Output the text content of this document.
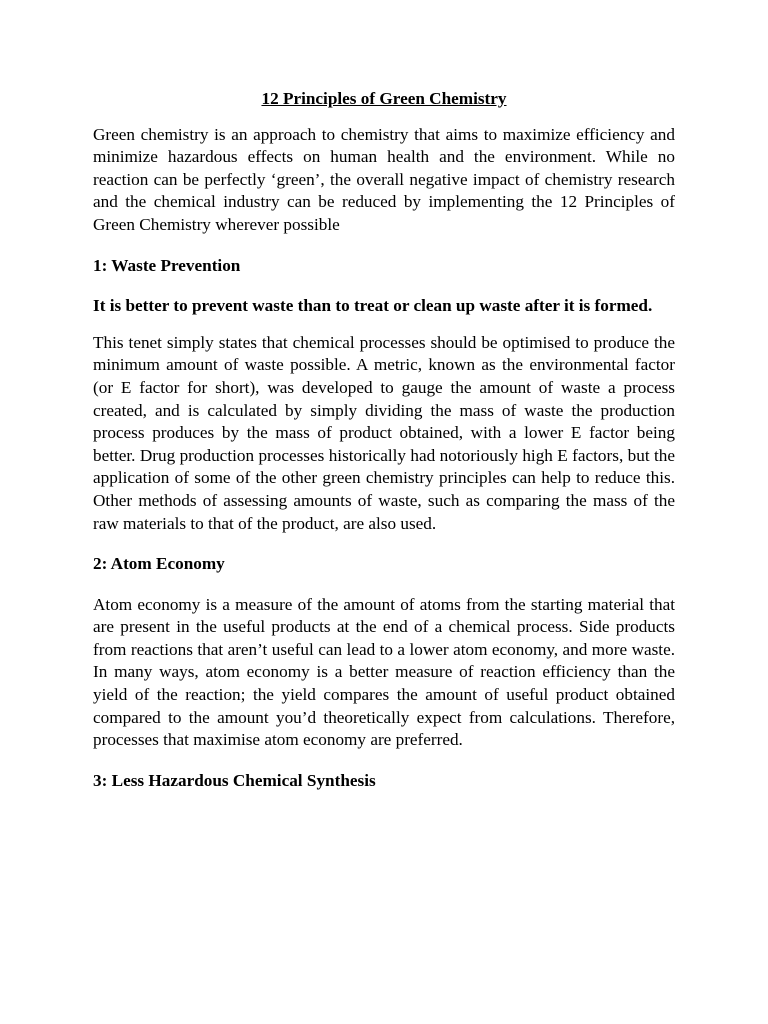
12 Principles of Green Chemistry

Green chemistry is an approach to chemistry that aims to maximize efficiency and minimize hazardous effects on human health and the environment. While no reaction can be perfectly ‘green’, the overall negative impact of chemistry research and the chemical industry can be reduced by implementing the 12 Principles of Green Chemistry wherever possible

1: Waste Prevention

It is better to prevent waste than to treat or clean up waste after it is formed.

This tenet simply states that chemical processes should be optimised to produce the minimum amount of waste possible. A metric, known as the environmental factor (or E factor for short), was developed to gauge the amount of waste a process created, and is calculated by simply dividing the mass of waste the production process produces by the mass of product obtained, with a lower E factor being better. Drug production processes historically had notoriously high E factors, but the application of some of the other green chemistry principles can help to reduce this. Other methods of assessing amounts of waste, such as comparing the mass of the raw materials to that of the product, are also used.

2: Atom Economy

Atom economy is a measure of the amount of atoms from the starting material that are present in the useful products at the end of a chemical process. Side products from reactions that aren’t useful can lead to a lower atom economy, and more waste. In many ways, atom economy is a better measure of reaction efficiency than the yield of the reaction; the yield compares the amount of useful product obtained compared to the amount you’d theoretically expect from calculations. Therefore, processes that maximise atom economy are preferred.

3: Less Hazardous Chemical Synthesis
